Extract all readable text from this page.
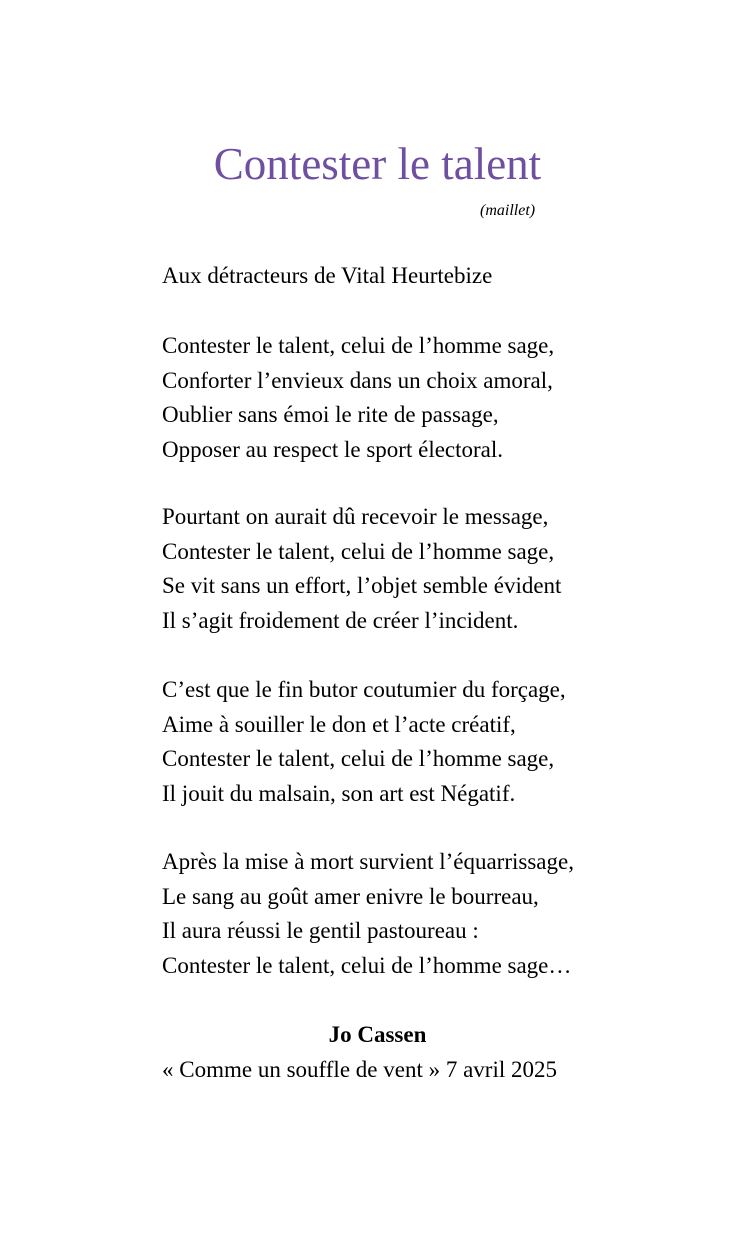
Contester le talent
(maillet)
Aux détracteurs de Vital Heurtebize
Contester le talent, celui de l’homme sage,
Conforter l’envieux dans un choix amoral,
Oublier sans émoi le rite de passage,
Opposer au respect le sport électoral.
Pourtant on aurait dû recevoir le message,
Contester le talent, celui de l’homme sage,
Se vit sans un effort, l’objet semble évident
Il s’agit froidement de créer l’incident.
C’est que le fin butor coutumier du forçage,
Aime à souiller le don et l’acte créatif,
Contester le talent, celui de l’homme sage,
Il jouit du malsain, son art est Négatif.
Après la mise à mort survient l’équarrissage,
Le sang au goût amer enivre le bourreau,
Il aura réussi le gentil pastoureau :
Contester le talent, celui de l’homme sage…
Jo Cassen
« Comme un souffle de vent » 7 avril 2025
